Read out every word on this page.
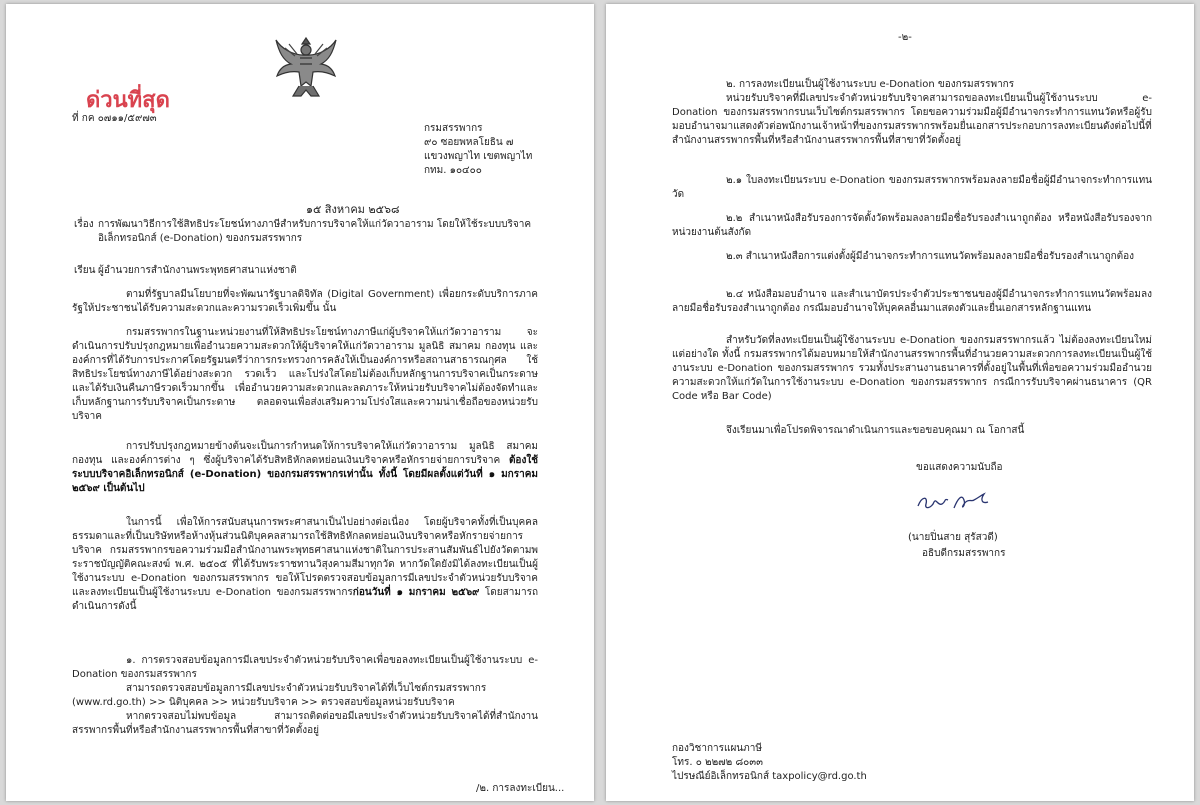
ด่วนที่สุด
ที่ กค ๐๗๑๑/๕๙๗๓
กรมสรรพากร
๙๐ ซอยพหลโยธิน ๗
แขวงพญาไท เขตพญาไท
กทม. ๑๐๔๐๐
๑๕ สิงหาคม ๒๕๖๘
เรื่อง การพัฒนาวิธีการใช้สิทธิประโยชน์ทางภาษีสำหรับการบริจาคให้แก่วัดวาอาราม โดยให้ใช้ระบบบริจาค อิเล็กทรอนิกส์ (e-Donation) ของกรมสรรพากร
เรียน ผู้อำนวยการสำนักงานพระพุทธศาสนาแห่งชาติ

ตามที่รัฐบาลมีนโยบายที่จะพัฒนารัฐบาลดิจิทัล (Digital Government) เพื่อยกระดับบริการภาครัฐให้ประชาชนได้รับความสะดวกและความรวดเร็วเพิ่มขึ้น นั้น

กรมสรรพากรในฐานะหน่วยงานที่ให้สิทธิประโยชน์ทางภาษีแก่ผู้บริจาคให้แก่วัดวาอาราม จะดำเนินการปรับปรุงกฎหมายเพื่ออำนวยความสะดวกให้ผู้บริจาคให้แก่วัดวาอาราม มูลนิธิ สมาคม กองทุน และองค์การที่ได้รับการประกาศโดยรัฐมนตรีว่าการกระทรวงการคลังให้เป็นองค์การหรือสถานสาธารณกุศล ใช้สิทธิประโยชน์ทางภาษีได้อย่างสะดวก รวดเร็ว และโปร่งใสโดยไม่ต้องเก็บหลักฐานการบริจาคเป็นกระดาษ และได้รับเงินคืนภาษีรวดเร็วมากขึ้น เพื่ออำนวยความสะดวกและลดภาระให้หน่วยรับบริจาคไม่ต้องจัดทำและเก็บหลักฐานการรับบริจาคเป็นกระดาษ ตลอดจนเพื่อส่งเสริมความโปร่งใสและความน่าเชื่อถือของหน่วยรับบริจาค

การปรับปรุงกฎหมายข้างต้นจะเป็นการกำหนดให้การบริจาคให้แก่วัดวาอาราม มูลนิธิ สมาคม กองทุน และองค์การต่าง ๆ ซึ่งผู้บริจาคได้รับสิทธิหักลดหย่อนเงินบริจาคหรือหักรายจ่ายการบริจาค ต้องใช้ระบบบริจาคอิเล็กทรอนิกส์ (e-Donation) ของกรมสรรพากรเท่านั้น ทั้งนี้ โดยมีผลตั้งแต่วันที่ ๑ มกราคม ๒๕๖๙ เป็นต้นไป

ในการนี้ เพื่อให้การสนับสนุนการพระศาสนาเป็นไปอย่างต่อเนื่อง โดยผู้บริจาคทั้งที่เป็นบุคคลธรรมดาและที่เป็นบริษัทหรือห้างหุ้นส่วนนิติบุคคลสามารถใช้สิทธิหักลดหย่อนเงินบริจาคหรือหักรายจ่ายการบริจาค กรมสรรพากรขอความร่วมมือสำนักงานพระพุทธศาสนาแห่งชาติในการประสานสัมพันธ์ไปยังวัดตามพระราชบัญญัติคณะสงฆ์ พ.ศ. ๒๕๐๕ ที่ได้รับพระราชทานวิสุงคามสีมาทุกวัด หากวัดใดยังมิได้ลงทะเบียนเป็นผู้ใช้งานระบบ e-Donation ของกรมสรรพากร ขอให้โปรดตรวจสอบข้อมูลการมีเลขประจำตัวหน่วยรับบริจาคและลงทะเบียนเป็นผู้ใช้งานระบบ e-Donation ของกรมสรรพากรก่อนวันที่ ๑ มกราคม ๒๕๖๙ โดยสามารถดำเนินการดังนี้

๑. การตรวจสอบข้อมูลการมีเลขประจำตัวหน่วยรับบริจาคเพื่อขอลงทะเบียนเป็นผู้ใช้งานระบบ e-Donation ของกรมสรรพากร

สามารถตรวจสอบข้อมูลการมีเลขประจำตัวหน่วยรับบริจาคได้ที่เว็บไซต์กรมสรรพากร (www.rd.go.th) >> นิติบุคคล >> หน่วยรับบริจาค >> ตรวจสอบข้อมูลหน่วยรับบริจาค

หากตรวจสอบไม่พบข้อมูล สามารถติดต่อขอมีเลขประจำตัวหน่วยรับบริจาคได้ที่สำนักงานสรรพากรพื้นที่หรือสำนักงานสรรพากรพื้นที่สาขาที่วัดตั้งอยู่

/๒. การลงทะเบียน...
-๒-

๒. การลงทะเบียนเป็นผู้ใช้งานระบบ e-Donation ของกรมสรรพากร

หน่วยรับบริจาคที่มีเลขประจำตัวหน่วยรับบริจาคสามารถขอลงทะเบียนเป็นผู้ใช้งานระบบ e-Donation ของกรมสรรพากรบนเว็บไซต์กรมสรรพากร โดยขอความร่วมมือผู้มีอำนาจกระทำการแทนวัดหรือผู้รับมอบอำนาจมาแสดงตัวต่อพนักงานเจ้าหน้าที่ของกรมสรรพากรพร้อมยื่นเอกสารประกอบการลงทะเบียนดังต่อไปนี้ที่สำนักงานสรรพากรพื้นที่หรือสำนักงานสรรพากรพื้นที่สาขาที่วัดตั้งอยู่

๒.๑ ใบลงทะเบียนระบบ e-Donation ของกรมสรรพากรพร้อมลงลายมือชื่อผู้มีอำนาจกระทำการแทนวัด

๒.๒ สำเนาหนังสือรับรองการจัดตั้งวัดพร้อมลงลายมือชื่อรับรองสำเนาถูกต้อง หรือหนังสือรับรองจากหน่วยงานต้นสังกัด

๒.๓ สำเนาหนังสือการแต่งตั้งผู้มีอำนาจกระทำการแทนวัดพร้อมลงลายมือชื่อรับรองสำเนาถูกต้อง

๒.๔ หนังสือมอบอำนาจ และสำเนาบัตรประจำตัวประชาชนของผู้มีอำนาจกระทำการแทนวัดพร้อมลงลายมือชื่อรับรองสำเนาถูกต้อง กรณีมอบอำนาจให้บุคคลอื่นมาแสดงตัวและยื่นเอกสารหลักฐานแทน

สำหรับวัดที่ลงทะเบียนเป็นผู้ใช้งานระบบ e-Donation ของกรมสรรพากรแล้ว ไม่ต้องลงทะเบียนใหม่แต่อย่างใด ทั้งนี้ กรมสรรพากรได้มอบหมายให้สำนักงานสรรพากรพื้นที่อำนวยความสะดวกการลงทะเบียนเป็นผู้ใช้งานระบบ e-Donation ของกรมสรรพากร รวมทั้งประสานงานธนาคารที่ตั้งอยู่ในพื้นที่เพื่อขอความร่วมมืออำนวยความสะดวกให้แก่วัดในการใช้งานระบบ e-Donation ของกรมสรรพากร กรณีการรับบริจาคผ่านธนาคาร (QR Code หรือ Bar Code)

จึงเรียนมาเพื่อโปรดพิจารณาดำเนินการและขอขอบคุณมา ณ โอกาสนี้

ขอแสดงความนับถือ
(นายปิ่นสาย สุรัสวดี)
อธิบดีกรมสรรพากร
กองวิชาการแผนภาษี
โทร. ๐ ๒๒๗๒ ๘๐๓๓
ไปรษณีย์อิเล็กทรอนิกส์ taxpolicy@rd.go.th
